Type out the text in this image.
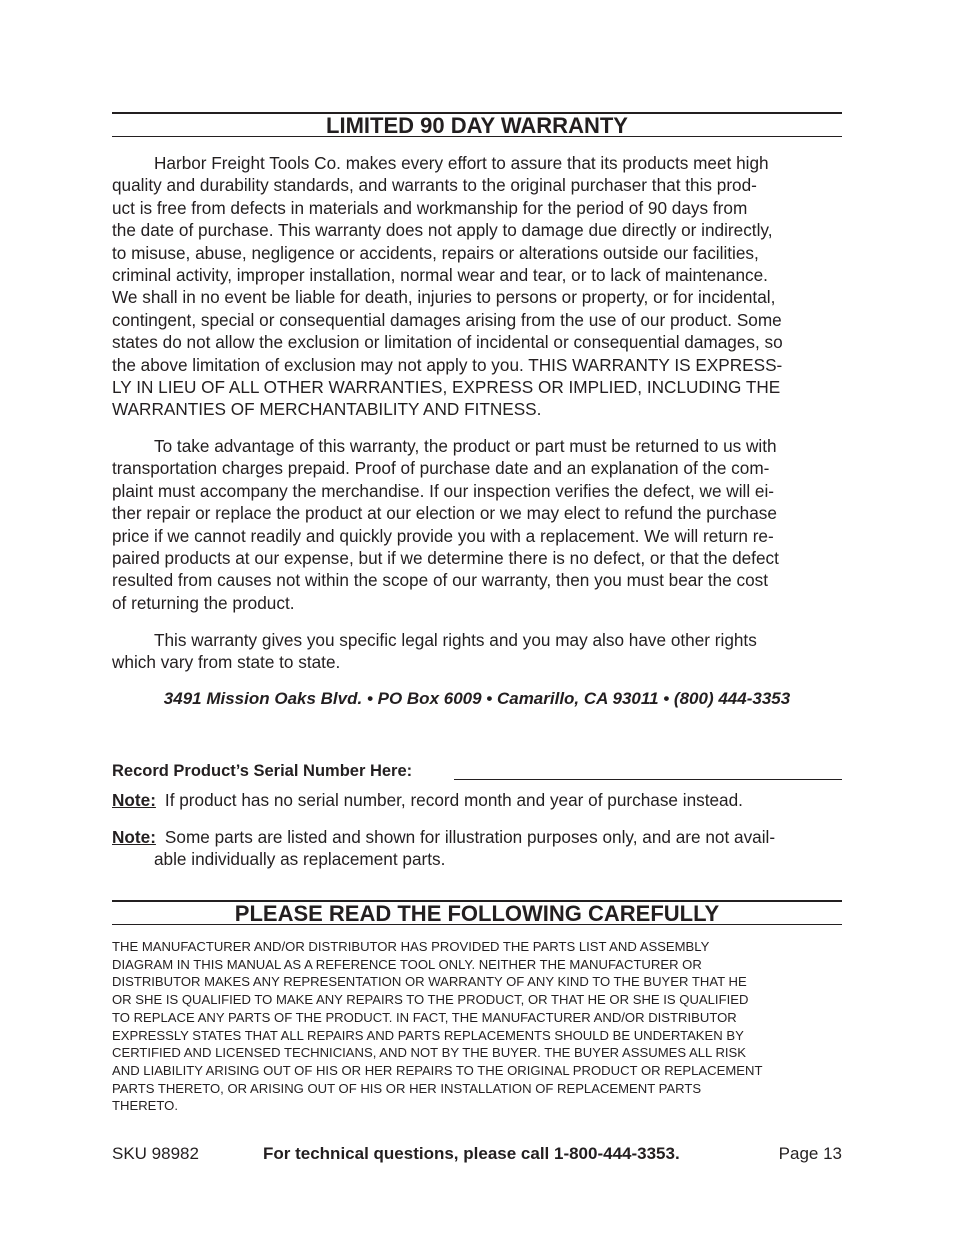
LIMITED 90 DAY WARRANTY

Harbor Freight Tools Co. makes every effort to assure that its products meet high
quality and durability standards, and warrants to the original purchaser that this prod-
uct is free from defects in materials and workmanship for the period of 90 days from
the date of purchase. This warranty does not apply to damage due directly or indirectly,
to misuse, abuse, negligence or accidents, repairs or alterations outside our facilities,
criminal activity, improper installation, normal wear and tear, or to lack of maintenance.
We shall in no event be liable for death, injuries to persons or property, or for incidental,
contingent, special or consequential damages arising from the use of our product. Some
states do not allow the exclusion or limitation of incidental or consequential damages, so
the above limitation of exclusion may not apply to you. THIS WARRANTY IS EXPRESS-
LY IN LIEU OF ALL OTHER WARRANTIES, EXPRESS OR IMPLIED, INCLUDING THE
WARRANTIES OF MERCHANTABILITY AND FITNESS.

To take advantage of this warranty, the product or part must be returned to us with
transportation charges prepaid. Proof of purchase date and an explanation of the com-
plaint must accompany the merchandise. If our inspection verifies the defect, we will ei-
ther repair or replace the product at our election or we may elect to refund the purchase
price if we cannot readily and quickly provide you with a replacement. We will return re-
paired products at our expense, but if we determine there is no defect, or that the defect
resulted from causes not within the scope of our warranty, then you must bear the cost
of returning the product.

This warranty gives you specific legal rights and you may also have other rights
which vary from state to state.

3491 Mission Oaks Blvd. • PO Box 6009 • Camarillo, CA 93011 • (800) 444-3353
Record Product’s Serial Number Here:
Note: If product has no serial number, record month and year of purchase instead.
Note: Some parts are listed and shown for illustration purposes only, and are not avail-
able individually as replacement parts.
PLEASE READ THE FOLLOWING CAREFULLY
THE MANUFACTURER AND/OR DISTRIBUTOR HAS PROVIDED THE PARTS LIST AND ASSEMBLY
DIAGRAM IN THIS MANUAL AS A REFERENCE TOOL ONLY. NEITHER THE MANUFACTURER OR
DISTRIBUTOR MAKES ANY REPRESENTATION OR WARRANTY OF ANY KIND TO THE BUYER THAT HE
OR SHE IS QUALIFIED TO MAKE ANY REPAIRS TO THE PRODUCT, OR THAT HE OR SHE IS QUALIFIED
TO REPLACE ANY PARTS OF THE PRODUCT. IN FACT, THE MANUFACTURER AND/OR DISTRIBUTOR
EXPRESSLY STATES THAT ALL REPAIRS AND PARTS REPLACEMENTS SHOULD BE UNDERTAKEN BY
CERTIFIED AND LICENSED TECHNICIANS, AND NOT BY THE BUYER. THE BUYER ASSUMES ALL RISK
AND LIABILITY ARISING OUT OF HIS OR HER REPAIRS TO THE ORIGINAL PRODUCT OR REPLACEMENT
PARTS THERETO, OR ARISING OUT OF HIS OR HER INSTALLATION OF REPLACEMENT PARTS
THERETO.
SKU 98982	For technical questions, please call 1-800-444-3353.	Page 13
